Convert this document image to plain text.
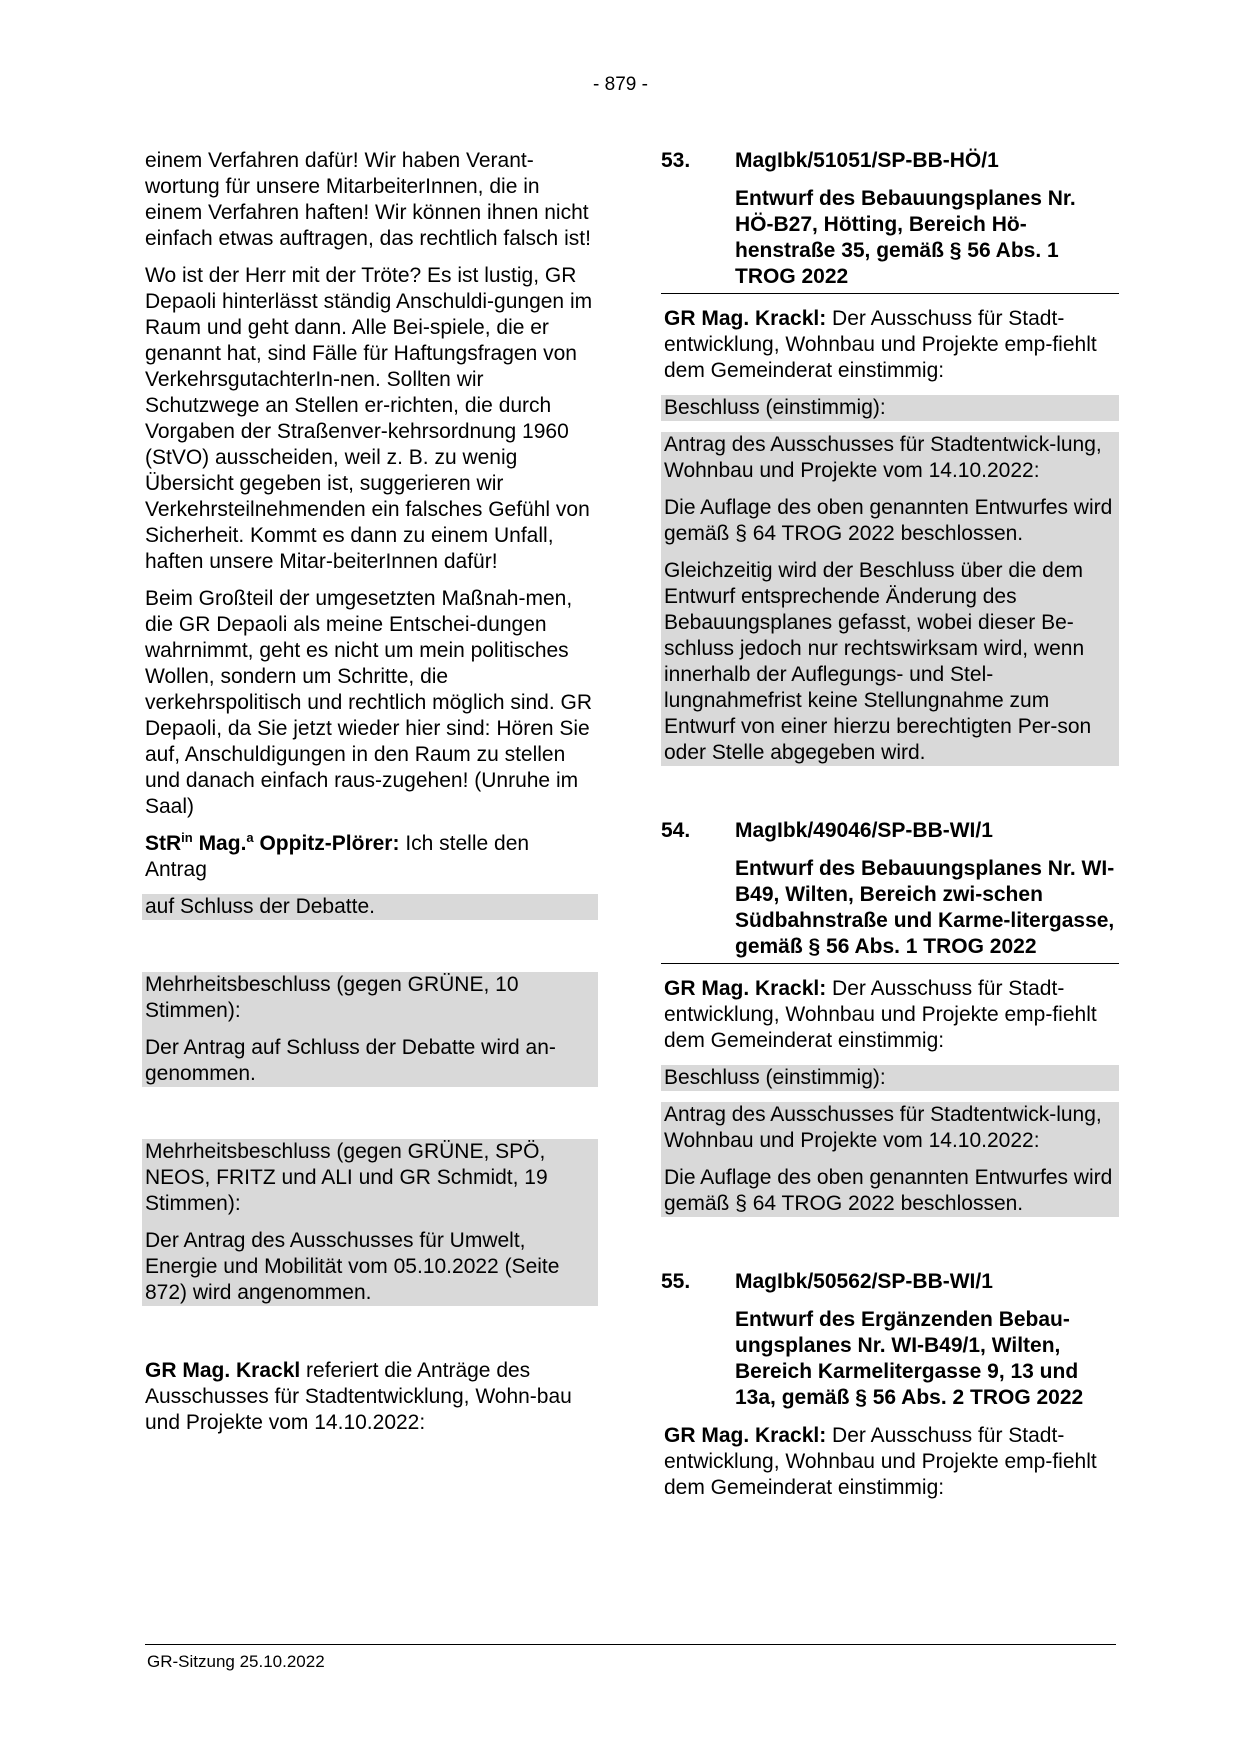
- 879 -

einem Verfahren dafür! Wir haben Verant-wortung für unsere MitarbeiterInnen, die in einem Verfahren haften! Wir können ihnen nicht einfach etwas auftragen, das rechtlich falsch ist!

Wo ist der Herr mit der Tröte? Es ist lustig, GR Depaoli hinterlässt ständig Anschuldi-gungen im Raum und geht dann. Alle Bei-spiele, die er genannt hat, sind Fälle für Haftungsfragen von VerkehrsgutachterIn-nen. Sollten wir Schutzwege an Stellen er-richten, die durch Vorgaben der Straßenver-kehrsordnung 1960 (StVO) ausscheiden, weil z. B. zu wenig Übersicht gegeben ist, suggerieren wir Verkehrsteilnehmenden ein falsches Gefühl von Sicherheit. Kommt es dann zu einem Unfall, haften unsere Mitar-beiterInnen dafür!

Beim Großteil der umgesetzten Maßnah-men, die GR Depaoli als meine Entschei-dungen wahrnimmt, geht es nicht um mein politisches Wollen, sondern um Schritte, die verkehrspolitisch und rechtlich möglich sind. GR Depaoli, da Sie jetzt wieder hier sind: Hören Sie auf, Anschuldigungen in den Raum zu stellen und danach einfach raus-zugehen! (Unruhe im Saal)

StR$^{in}$ Mag.$^a$ Oppitz-Plörer: Ich stelle den Antrag

auf Schluss der Debatte.

Mehrheitsbeschluss (gegen GRÜNE, 10 Stimmen):

Der Antrag auf Schluss der Debatte wird an-genommen.

Mehrheitsbeschluss (gegen GRÜNE, SPÖ, NEOS, FRITZ und ALI und GR Schmidt, 19 Stimmen):

Der Antrag des Ausschusses für Umwelt, Energie und Mobilität vom 05.10.2022 (Seite 872) wird angenommen.

GR Mag. Krackl referiert die Anträge des Ausschusses für Stadtentwicklung, Wohn-bau und Projekte vom 14.10.2022:

53.	MagIbk/51051/SP-BB-HÖ/1
Entwurf des Bebauungsplanes Nr. HÖ-B27, Hötting, Bereich Hö-henstraße 35, gemäß § 56 Abs. 1 TROG 2022

GR Mag. Krackl: Der Ausschuss für Stadt-entwicklung, Wohnbau und Projekte emp-fiehlt dem Gemeinderat einstimmig:

Beschluss (einstimmig):

Antrag des Ausschusses für Stadtentwick-lung, Wohnbau und Projekte vom 14.10.2022:

Die Auflage des oben genannten Entwurfes wird gemäß § 64 TROG 2022 beschlossen.

Gleichzeitig wird der Beschluss über die dem Entwurf entsprechende Änderung des Bebauungsplanes gefasst, wobei dieser Be-schluss jedoch nur rechtswirksam wird, wenn innerhalb der Auflegungs- und Stel-lungnahmefrist keine Stellungnahme zum Entwurf von einer hierzu berechtigten Per-son oder Stelle abgegeben wird.

54.	MagIbk/49046/SP-BB-WI/1
Entwurf des Bebauungsplanes Nr. WI-B49, Wilten, Bereich zwi-schen Südbahnstraße und Karme-litergasse, gemäß § 56 Abs. 1 TROG 2022

GR Mag. Krackl: Der Ausschuss für Stadt-entwicklung, Wohnbau und Projekte emp-fiehlt dem Gemeinderat einstimmig:

Beschluss (einstimmig):

Antrag des Ausschusses für Stadtentwick-lung, Wohnbau und Projekte vom 14.10.2022:

Die Auflage des oben genannten Entwurfes wird gemäß § 64 TROG 2022 beschlossen.

55.	MagIbk/50562/SP-BB-WI/1
Entwurf des Ergänzenden Bebau-ungsplanes Nr. WI-B49/1, Wilten, Bereich Karmelitergasse 9, 13 und 13a, gemäß § 56 Abs. 2 TROG 2022

GR Mag. Krackl: Der Ausschuss für Stadt-entwicklung, Wohnbau und Projekte emp-fiehlt dem Gemeinderat einstimmig:

GR-Sitzung 25.10.2022
